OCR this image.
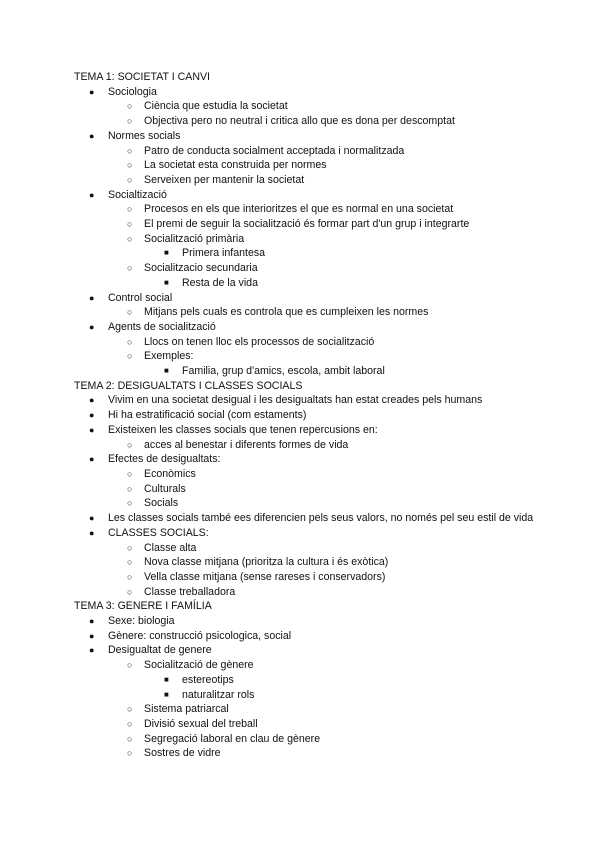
TEMA 1: SOCIETAT I CANVI

● Sociologia
○ Ciència que estudia la societat
○ Objectiva pero no neutral i critica allo que es dona per descomptat
● Normes socials
○ Patro de conducta socialment acceptada i normalitzada
○ La societat esta construida per normes
○ Serveixen per mantenir la societat
● Socialtizació
○ Procesos en els que interioritzes el que es normal en una societat
○ El premi de seguir la socialització és formar part d'un grup i integrarte
○ Socialització primària
■ Primera infantesa
○ Socialitzacio secundaria
■ Resta de la vida
● Control social
○ Mitjans pels cuals es controla que es cumpleixen les normes
● Agents de socialització
○ Llocs on tenen lloc els processos de socialització
○ Exemples:
■ Familia, grup d'amics, escola, ambit laboral

TEMA 2: DESIGUALTATS I CLASSES SOCIALS

● Vivim en una societat desigual i les desigualtats han estat creades pels humans
● Hi ha estratificació social (com estaments)
● Existeixen les classes socials que tenen repercusions en:
○ acces al benestar i diferents formes de vida
● Efectes de desigualtats:
○ Econòmics
○ Culturals
○ Socials
● Les classes socials també ees diferencien pels seus valors, no només pel seu estil de vida
● CLASSES SOCIALS:
○ Classe alta
○ Nova classe mitjana (prioritza la cultura i és exòtica)
○ Vella classe mitjana (sense rareses i conservadors)
○ Classe treballadora

TEMA 3: GENERE I FAMÍLIA

● Sexe: biologia
● Gènere: construcció psicologica, social
● Desigualtat de genere
○ Socialització de gènere
■ estereotips
■ naturalitzar rols
○ Sistema patriarcal
○ Divisió sexual del treball
○ Segregació laboral en clau de gènere
○ Sostres de vidre
